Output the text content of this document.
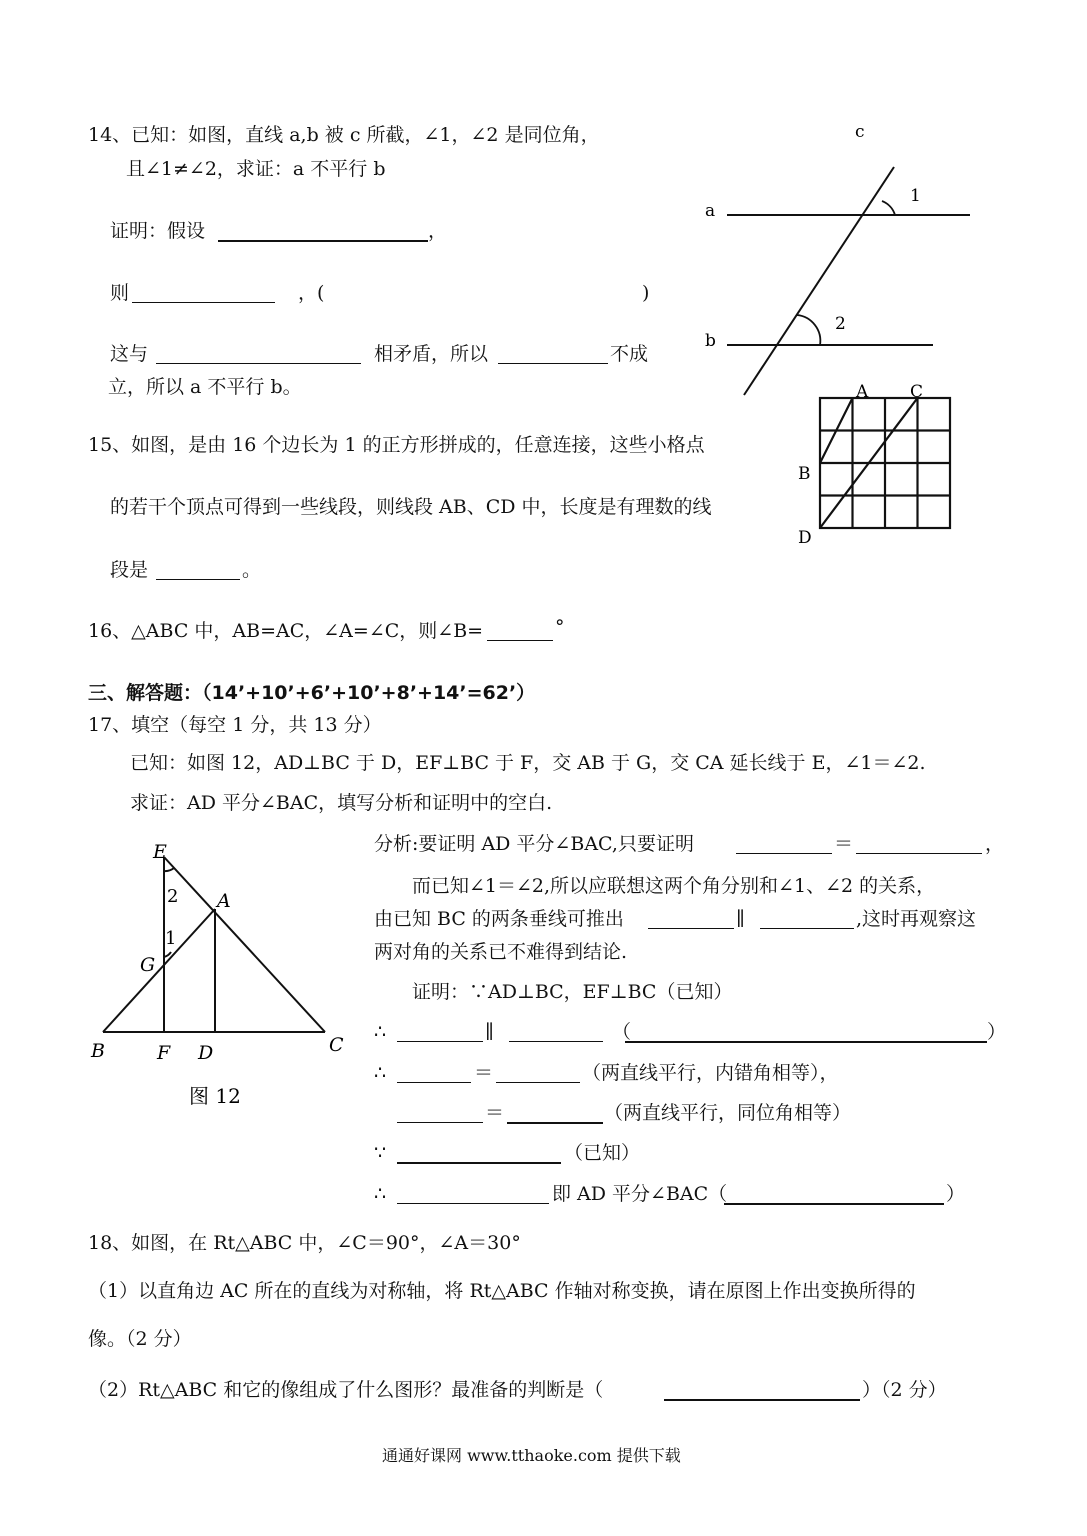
14、已知：如图，直线 a,b 被 c 所截，∠1，∠2 是同位角，
且∠1≠∠2，求证：a 不平行 b
证明：假设	，
则	，(	)
这与	相矛盾，所以	不成
立，所以 a 不平行 b。
c
a
b
1
2
15、如图，是由 16 个边长为 1 的正方形拼成的，任意连接，这些小格点
的若干个顶点可得到一些线段，则线段 AB、CD 中，长度是有理数的线
段是	。
A C
B
D
16、△ABC 中，AB=AC，∠A=∠C，则∠B=	°
三、解答题：（14’+10’+6’+10’+8’+14’=62’）
17、填空（每空 1 分，共 13 分）
已知：如图 12，AD⊥BC 于 D，EF⊥BC 于 F，交 AB 于 G，交 CA 延长线于 E，∠1＝∠2.
求证：AD 平分∠BAC，填写分析和证明中的空白.
分析:要证明 AD 平分∠BAC,只要证明	＝	，
而已知∠1＝∠2,所以应联想这两个角分别和∠1、∠2 的关系，
由已知 BC 的两条垂线可推出	∥	,这时再观察这
两对角的关系已不难得到结论.
证明：∵AD⊥BC，EF⊥BC（已知）
∴	∥	（	）
∴	＝	（两直线平行，内错角相等），
＝	（两直线平行，同位角相等）
∵	（已知）
∴	即 AD 平分∠BAC（	）
E
A
G
B	F D	C
2
1
图 12
18、如图，在 Rt△ABC 中，∠C＝90°，∠A＝30°
（1）以直角边 AC 所在的直线为对称轴，将 Rt△ABC 作轴对称变换，请在原图上作出变换所得的
像。（2 分）
（2）Rt△ABC 和它的像组成了什么图形？最准备的判断是（	）（2 分）
通通好课网 www.tthaoke.com 提供下载
